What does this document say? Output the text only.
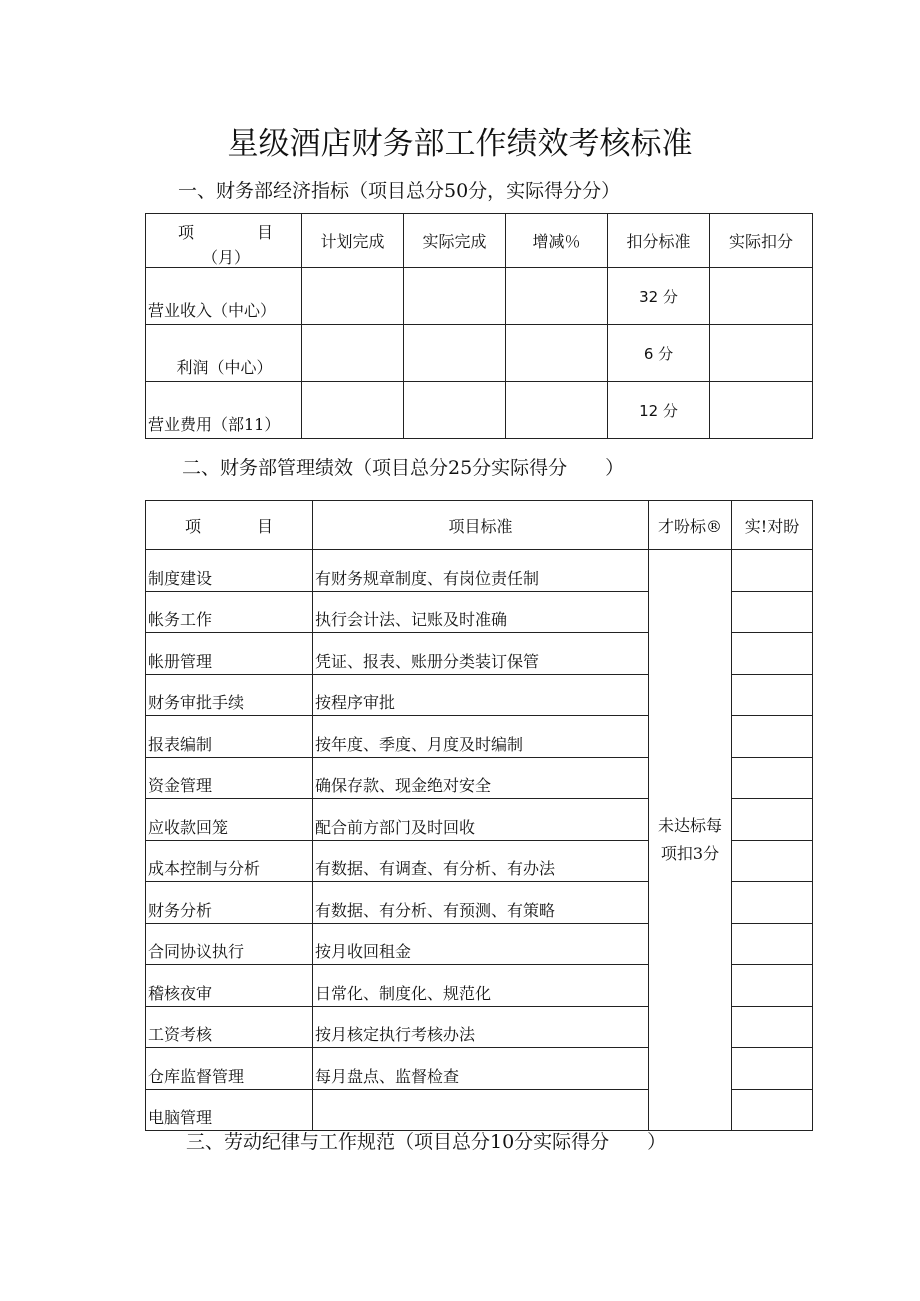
星级酒店财务部工作绩效考核标准
一、财务部经济指标（项目总分50分，实际得分分）
项 目
（月）	计划完成	实际完成	增减％	扣分标准	实际扣分
营业收入（中心）				32 分	
利润（中心）				6 分	
营业费用（部11）				12 分	
二、财务部管理绩效（项目总分25分实际得分　　）
项 目	项目标准	才吩标®	实!对盼
制度建设	有财务规章制度、有岗位责任制	未达标每
项扣3分	

帐务工作	执行会计法、记账及时准确		
帐册管理	凭证、报表、账册分类装订保管		
财务审批手续	按程序审批		
报表编制	按年度、季度、月度及时编制		
资金管理	确保存款、现金绝对安全		
应收款回笼	配合前方部门及时回收		
成本控制与分析	有数据、有调查、有分析、有办法		
财务分析	有数据、有分析、有预测、有策略		
合同协议执行	按月收回租金		
稽核夜审	日常化、制度化、规范化		
工资考核	按月核定执行考核办法		
仓库监督管理	每月盘点、监督检查		
电脑管理			
三、劳动纪律与工作规范（项目总分10分实际得分　　）
